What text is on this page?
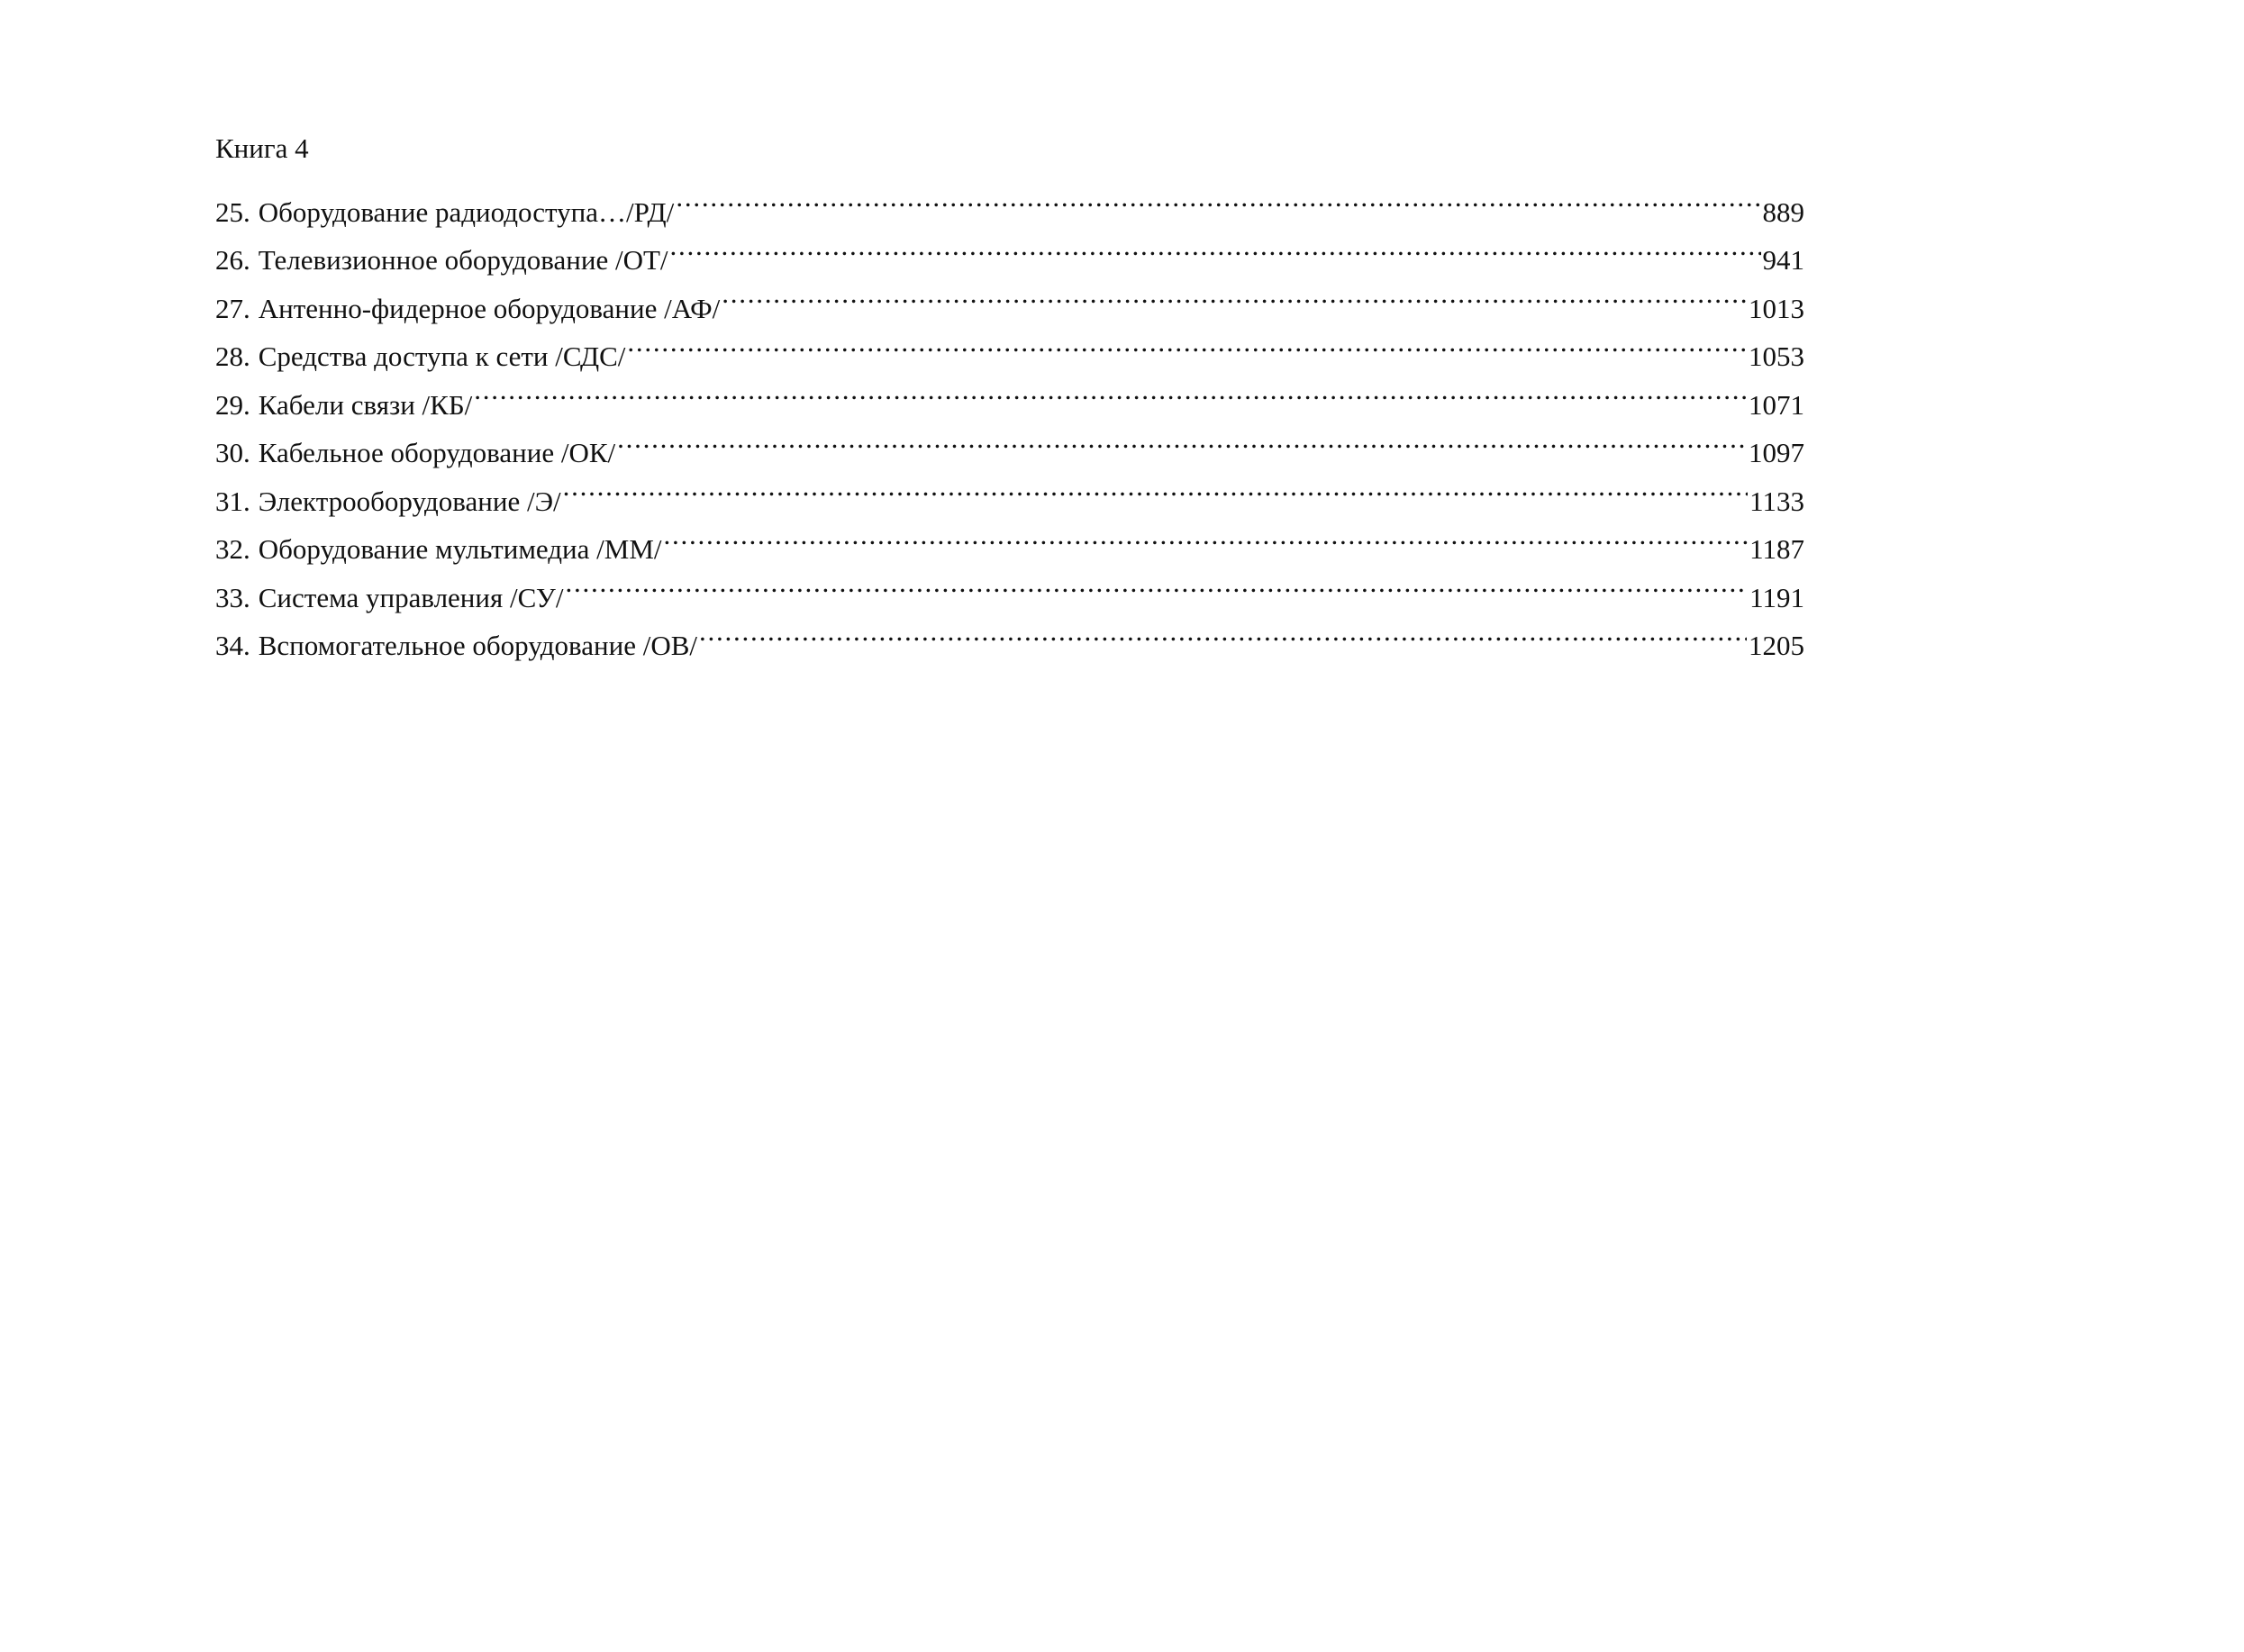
Книга 4
25. Оборудование радиодоступа…/РД/ . . .	889
26. Телевизионное оборудование /ОТ/ . . .	941
27. Антенно-фидерное оборудование /АФ/ . . .	1013
28. Средства доступа к сети /СДС/ . . .	1053
29. Кабели связи /КБ/ . . .	1071
30. Кабельное оборудование /ОК/ . . .	1097
31. Электрооборудование /Э/ . . .	1133
32. Оборудование мультимедиа /ММ/ . . .	1187
33. Система управления /СУ/ . . .	1191
34. Вспомогательное оборудование /ОВ/ . . .	1205
